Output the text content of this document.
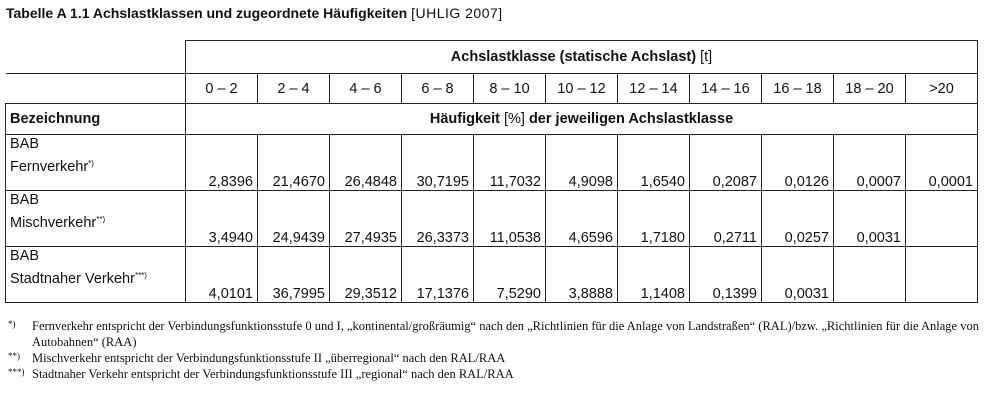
Tabelle A 1.1 Achslastklassen und zugeordnete Häufigkeiten [UHLIG 2007]
	Achslastklasse (statische Achslast) [t]										
	0 – 2	2 – 4	4 – 6	6 – 8	8 – 10	10 – 12	12 – 14	14 – 16	16 – 18	18 – 20	>20
Bezeichnung	Häufigkeit [%] der jeweiligen Achslastklasse										

BAB
Fernverkehr*)	2,8396	21,4670	26,4848	30,7195	11,7032	4,9098	1,6540	0,2087	0,0126	0,0007	0,0001

BAB
Mischverkehr**)	3,4940	24,9439	27,4935	26,3373	11,0538	4,6596	1,7180	0,2711	0,0257	0,0031	

BAB
Stadtnaher Verkehr***)	4,0101	36,7995	29,3512	17,1376	7,5290	3,8888	1,1408	0,1399	0,0031		
*)	Fernverkehr entspricht der Verbindungsfunktionsstufe 0 und I, „kontinental/großräumig“ nach den „Richtlinien für die Anlage von Landstraßen“ (RAL)/bzw. „Richtlinien für die Anlage von Autobahnen“ (RAA)
**) Mischverkehr entspricht der Verbindungsfunktionsstufe II „überregional“ nach den RAL/RAA
***) Stadtnaher Verkehr entspricht der Verbindungsfunktionsstufe III „regional“ nach den RAL/RAA
